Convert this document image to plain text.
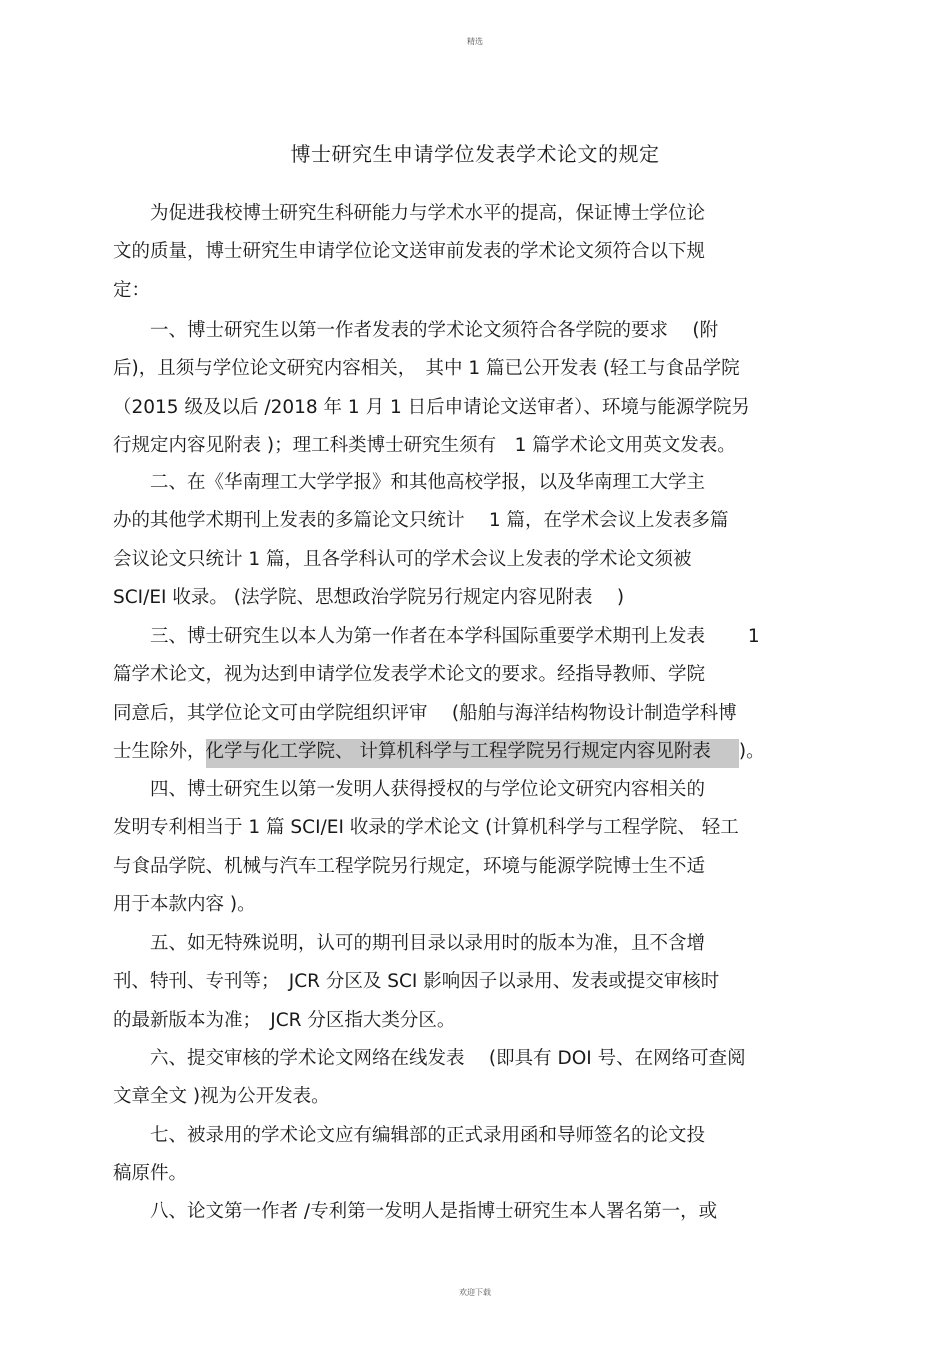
精选
博士研究生申请学位发表学术论文的规定
　　为促进我校博士研究生科研能力与学术水平的提高，保证博士学位论
文的质量，博士研究生申请学位论文送审前发表的学术论文须符合以下规
定：
　　一、博士研究生以第一作者发表的学术论文须符合各学院的要求　 (附
后)，且须与学位论文研究内容相关，　其中 1 篇已公开发表 (轻工与食品学院
（2015 级及以后 /2018 年 1 月 1 日后申请论文送审者）、环境与能源学院另
行规定内容见附表 )；理工科类博士研究生须有　1 篇学术论文用英文发表。
　　二、在《华南理工大学学报》和其他高校学报，以及华南理工大学主
办的其他学术期刊上发表的多篇论文只统计　 1 篇，在学术会议上发表多篇
会议论文只统计 1 篇，且各学科认可的学术会议上发表的学术论文须被
SCI/EI 收录。 (法学院、思想政治学院另行规定内容见附表　 )
　　三、博士研究生以本人为第一作者在本学科国际重要学术期刊上发表　　 1
篇学术论文，视为达到申请学位发表学术论文的要求。经指导教师、学院
同意后，其学位论文可由学院组织评审　 (船舶与海洋结构物设计制造学科博
士生除外，化学与化工学院、 计算机科学与工程学院另行规定内容见附表 )。
　　四、博士研究生以第一发明人获得授权的与学位论文研究内容相关的
发明专利相当于 1 篇 SCI/EI 收录的学术论文 (计算机科学与工程学院、 轻工
与食品学院、机械与汽车工程学院另行规定，环境与能源学院博士生不适
用于本款内容 )。
　　五、如无特殊说明，认可的期刊目录以录用时的版本为准，且不含增
刊、特刊、专刊等；　JCR 分区及 SCI 影响因子以录用、发表或提交审核时
的最新版本为准；　JCR 分区指大类分区。
　　六、提交审核的学术论文网络在线发表　 (即具有 DOI 号、在网络可查阅
文章全文 )视为公开发表。
　　七、被录用的学术论文应有编辑部的正式录用函和导师签名的论文投
稿原件。
　　八、论文第一作者 /专利第一发明人是指博士研究生本人署名第一，或
欢迎下载
